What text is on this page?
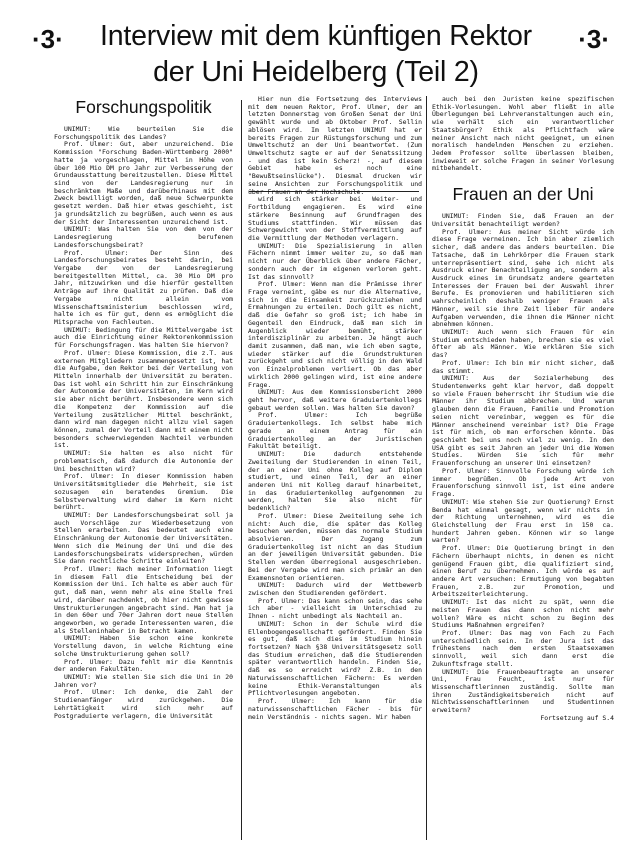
·3·	Interview mit dem künftigen Rektor
der Uni Heidelberg (Teil 2)
·3·
Forschungspolitik

UNIMUT: Wie beurteilen Sie die Forschungspolitik des Landes?

Prof. Ulmer: Gut, aber unzureichend. Die Kommission "Forschung Baden-Württemberg 2000" hatte ja vorgeschlagen, Mittel in Höhe von über 100 Mio DM pro Jahr zur Verbesserung der Grundausstattung bereitzustellen. Diese Mittel sind von der Landesregierung nur in beschränktem Maße und darüberhinaus mit dem Zweck bewilligt worden, daß neue Schwerpunkte gesetzt werden. Daß hier etwas geschieht, ist ja grundsätzlich zu begrüßen, auch wenn es aus der Sicht der Interessenten unzureichend ist.

UNIMUT: Was halten Sie von dem von der Landesregierung berufenen Landesforschungsbeirat?

Prof. Ulmer: Der Sinn des Landesforschungsbeirates besteht darin, bei Vergabe der von der Landesregierung bereitgestellten Mittel, ca. 30 Mio DM pro Jahr, mitzuwirken und die hierfür gestellten Anträge auf ihre Qualität zu prüfen. Daß die Vergabe nicht allein vom Wissenschaftsministerium beschlossen wird, halte ich es für gut, denn es ermöglicht die Mitsprache von Fachleuten.

UNIMUT: Bedingung für die Mittelvergabe ist auch die Einrichtung einer Rektorenkommission für Forschungsfragen. Was halten Sie hiervon?

Prof. Ulmer: Diese Kommission, die z.T. aus externen Mitgliedern zusammengesetzt ist, hat die Aufgabe, den Rektor bei der Verteilung von Mitteln innerhalb der Universität zu beraten. Das ist wohl ein Schritt hin zur Einschränkung der Autonomie der Universitäten, im Kern wird sie aber nicht berührt. Insbesondere wenn sich die Kompetenz der Kommission auf die Verteilung zusätzlicher Mittel beschränkt, dann wird man dagegen nicht allzu viel sagen können, zumal der Vorteil dann mit einem nicht besonders schwerwiegenden Nachteil verbunden ist.

UNIMUT: Sie halten es also nicht für problematisch, daß dadurch die Autonomie der Uni beschnitten wird?

Prof. Ulmer: In dieser Kommission haben Universitätsmitglieder die Mehrheit, sie ist sozusagen ein beratendes Gremium. Die Selbstverwaltung wird daher im Kern nicht berührt.

UNIMUT: Der Landesforschungsbeirat soll ja auch Vorschläge zur Wiederbesetzung von Stellen erarbeiten. Das bedeutet auch eine Einschränkung der Autonomie der Universitäten. Wenn sich die Meinung der Uni und die des Landesforschungsbeirats widersprechen, würden Sie dann rechtliche Schritte einleiten?

Prof. Ulmer: Nach meiner Information liegt in diesem Fall die Entscheidung bei der Kommission der Uni. Ich halte es aber auch für gut, daß man, wenn mehr als eine Stelle frei wird, darüber nachdenkt, ob hier nicht gewisse Umstrukturierungen angebracht sind. Man hat ja in den 60er und 70er Jahren dort neue Stellen angeworben, wo gerade Interessenten waren, die als Stelleninhaber in Betracht kamen.

UNIMUT: Haben Sie schon eine konkrete Vorstellung davon, in welche Richtung eine solche Umstrukturierung gehen soll?

Prof. Ulmer: Dazu fehlt mir die Kenntnis der anderen Fakultäten.

UNIMUT: Wie stellen Sie sich die Uni in 20 Jahren vor?

Prof. Ulmer: Ich denke, die Zahl der Studienanfänger wird zurückgehen. Die Lehrtätigkeit wird sich mehr auf Postgraduierte verlagern, die Universität

Hier nun die Fortsetzung des Interviews mit dem neuen Rektor, Prof. Ulmer, der am letzten Donnerstag vom Großen Senat der Uni gewählt wurde und ab Oktober Prof. Sellin ablösen wird. Im letzten UNIMUT hat er bereits Fragen zur Rüstungsforschung und zum Umweltschutz an der Uni beantwortet. (Zum Umweltschutz sagte er auf der Senatssitzung - und das ist kein Scherz! -, auf diesem Gebiet habe es noch eine "Bewußtseinslücke"). Diesmal drucken wir seine Ansichten zur Forschungspolitik und über Frauen an der Hochschule.

wird sich stärker bei Weiter- und Fortbildung engagieren. Es wird eine stärkere Besinnung auf Grundfragen des Studiums stattfinden. Wir müssen das Schwergewicht von der Stoffvermittlung auf die Vermittlung der Methoden verlagern.

UNIMUT: Die Spezialisierung in allen Fächern nimmt immer weiter zu, so daß man nicht nur der Überblick über andere Fächer, sondern auch der im eigenen verloren geht. Ist das sinnvoll?

Prof. Ulmer: Wenn man die Prämisse ihrer Frage verneint, gäbe es nur die Alternative, sich in die Einsamkeit zurückzuziehen und Ermahnungen zu erteilen. Doch gilt es nicht, daß die Gefahr so groß ist; ich habe im Gegenteil den Eindruck, daß man sich im Augenblick wieder bemüht, stärker interdisziplinär zu arbeiten. Je hängt auch damit zusammen, daß man, wie ich eben sagte, wieder stärker auf die Grundstrukturen zurückgeht und sich nicht völlig in den Wald von Einzelproblemen verliert. Ob das aber wirklich 2000 gelingen wird, ist eine andere Frage.

UNIMUT: Aus dem Kommissionsbericht 2000 geht hervor, daß weitere Graduiertenkollegs gebaut werden sollen. Was halten Sie davon?

Prof. Ulmer: Ich begrüße Graduiertenkollegs. Ich selbst habe mich gerade an einem Antrag für ein Graduiertenkolleg an der Juristischen Fakultät beteiligt.

UNIMUT: Die dadurch entstehende Zweiteilung der Studierenden in einen Teil, der an einer Uni ohne Kolleg auf Diplom studiert, und einen Teil, der an einer anderen Uni mit Kolleg darauf hinarbeitet, in das Graduiertenkolleg aufgenommen zu werden, halten Sie also nicht für bedenklich?

Prof. Ulmer: Diese Zweiteilung sehe ich nicht: Auch die, die später das Kolleg besuchen werden, müssen das normale Studium absolvieren. Der Zugang zum Graduiertenkolleg ist nicht an das Studium an der jeweiligen Universität gebunden. Die Stellen werden überregional ausgeschrieben. Bei der Vergabe wird man sich primär an den Examensnoten orientieren.

UNIMUT: Dadurch wird der Wettbewerb zwischen den Studierenden gefördert.

Prof. Ulmer: Das kann schon sein, das sehe ich aber - vielleicht im Unterschied zu Ihnen - nicht unbedingt als Nachteil an.

UNIMUT: Schon in der Schule wird die Ellenbogengesellschaft gefördert. Finden Sie es gut, daß sich dies im Studium hinein fortsetzen? Nach §38 Universitätsgesetz soll das Studium erreichen, daß die Studierenden später verantwortlich handeln. Finden Sie, daß es so erreicht wird? Z.B. in den Naturwissenschaftlichen Fächern: Es werden keine Ethik-Veranstaltungen als Pflichtvorlesungen angeboten.

Prof. Ulmer: Ich kann für die naturwissenschaftlichen Fächer - bis für mein Verständnis - nichts sagen. Wir haben

auch bei den Juristen keine spezifischen Ethik-Vorlesungen. Wohl aber fließt in alle Überlegungen bei Lehrveranstaltungen auch ein, wie verhält sich ein verantwortlicher Staatsbürger? Ethik als Pflichtfach wäre meiner Ansicht nach nicht geeignet, um einen moralisch handelnden Menschen zu erziehen. Jedem Professor sollte überlassen bleiben, inwieweit er solche Fragen in seiner Vorlesung mitbehandelt.

Frauen an der Uni

UNIMUT: Finden Sie, daß Frauen an der Universität benachteiligt werden?

Prof. Ulmer: Aus meiner Sicht würde ich diese Frage verneinen. Ich bin aber ziemlich sicher, daß andere das anders beurteilen. Die Tatsache, daß im Lehrkörper die Frauen stark unterrepräsentiert sind, sehe ich nicht als Ausdruck einer Benachteiligung an, sondern als Ausdruck eines im Grundsatz andere gearteten Interesses der Frauen bei der Auswahl ihrer Berufe. Es promovieren und habilitieren sich wahrscheinlich deshalb weniger Frauen als Männer, weil sie ihre Zeit lieber für andere Aufgaben verwenden, die ihnen die Männer nicht abnehmen können.

UNIMUT: Auch wenn sich Frauen für ein Studium entschieden haben, brechen sie es viel öfter ab als Männer. Wie erklären Sie sich das?

Prof. Ulmer: Ich bin mir nicht sicher, daß das stimmt.

UNIMUT: Aus der Sozialerhebung des Studentenwerks geht klar hervor, daß doppelt so viele Frauen beherrscht ihr Studium wie die Männer ihr Studium abbrechen. Und warum glauben denn die Frauen, Familie und Promotion seien nicht vereinbar, weggen es für die Männer anscheinend vereinbar ist? Die Frage ist für mich, ob man erforschen könnte. Das geschieht bei uns noch viel zu wenig. In den USA gibt es seit Jahren an jeder Uni die Women Studies. Würden Sie sich für mehr Frauenforschung an unserer Uni einsetzen?

Prof. Ulmer: Sinnvolle Forschung würde ich immer begrüßen. Ob jede Art von Frauenforschung sinnvoll ist, ist eine andere Frage.

UNIMUT: Wie stehen Sie zur Quotierung? Ernst Benda hat einmal gesagt, wenn wir nichts in der Richtung unternehmen, wird es die Gleichstellung der Frau erst in 150 ca. hundert Jahren geben. Können wir so lange warten?

Prof. Ulmer: Die Quotierung bringt in den Fächern überhaupt nichts, in denen es nicht genügend Frauen gibt, die qualifiziert sind, einen Beruf zu übernehmen. Ich würde es auf andere Art versuchen: Ermutigung von begabten Frauen, z.B. zur Promotion, und Arbeitszeiterleichterung.

UNIMUT: Ist das nicht zu spät, wenn die meisten Frauen das dann schon nicht mehr wollen? Wäre es nicht schon zu Beginn des Studiums Maßnahmen ergreifen?

Prof. Ulmer: Das mag von Fach zu Fach unterschiedlich sein. In der Jura ist das frühestens nach dem ersten Staatsexamen sinnvoll, weil sich dann erst die Zukunftsfrage stellt.

UNIMUT: Die Frauenbeauftragte an unserer Uni, Frau Feucht, ist nur für Wissenschaftlerinnen zuständig. Sollte man ihren Zuständigkeitsbereich nicht auf Nichtwissenschaftlerinnen und Studentinnen erweitern?

Fortsetzung auf S.4
